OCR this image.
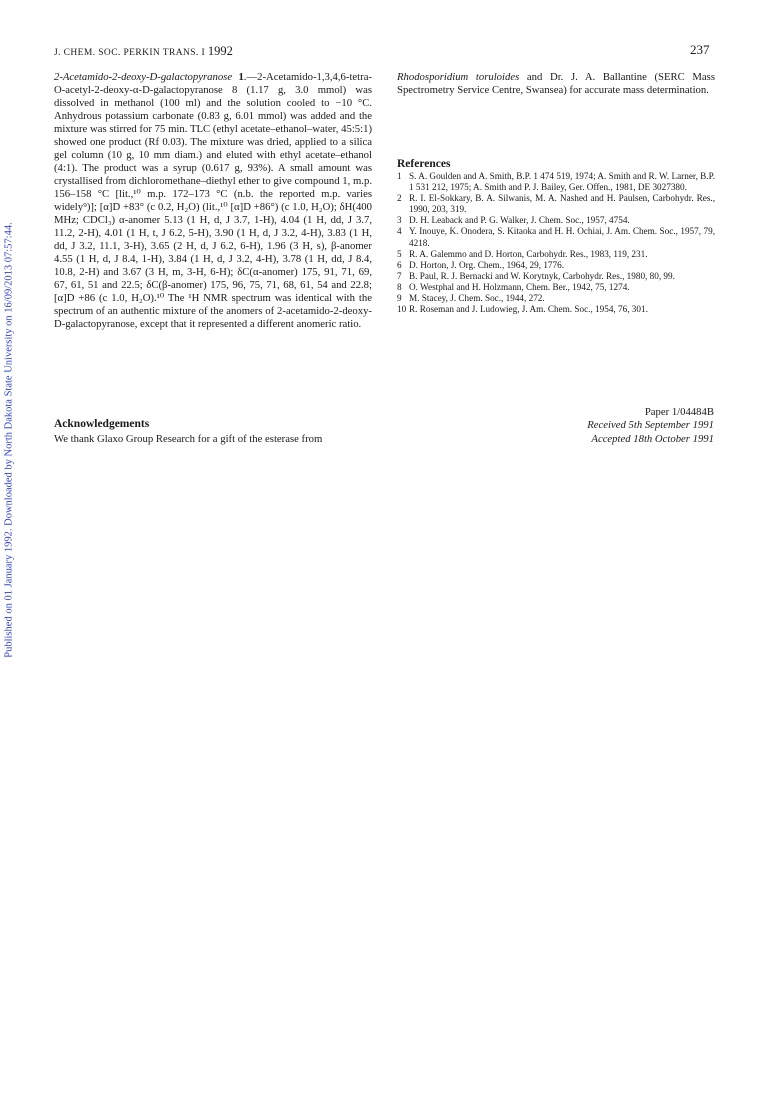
J. CHEM. SOC. PERKIN TRANS. I 1992	237
Published on 01 January 1992. Downloaded by North Dakota State University on 16/09/2013 07:57:44.

2-Acetamido-2-deoxy-D-galactopyranose 1.—2-Acetamido-1,3,4,6-tetra-O-acetyl-2-deoxy-α-D-galactopyranose 8 (1.17 g, 3.0 mmol) was dissolved in methanol (100 ml) and the solution cooled to −10 °C. Anhydrous potassium carbonate (0.83 g, 6.01 mmol) was added and the mixture was stirred for 75 min. TLC (ethyl acetate–ethanol–water, 45:5:1) showed one product (Rf 0.03). The mixture was dried, applied to a silica gel column (10 g, 10 mm diam.) and eluted with ethyl acetate–ethanol (4:1). The product was a syrup (0.617 g, 93%). A small amount was crystallised from dichloromethane–diethyl ether to give compound 1, m.p. 156–158 °C [lit.,¹⁰ m.p. 172–173 °C (n.b. the reported m.p. varies widely⁹)]; [α]D +83° (c 0.2, H₂O) (lit.,¹⁰ [α]D +86°) (c 1.0, H₂O); δH(400 MHz; CDCl₃) α-anomer 5.13 (1 H, d, J 3.7, 1-H), 4.04 (1 H, dd, J 3.7, 11.2, 2-H), 4.01 (1 H, t, J 6.2, 5-H), 3.90 (1 H, d, J 3.2, 4-H), 3.83 (1 H, dd, J 3.2, 11.1, 3-H), 3.65 (2 H, d, J 6.2, 6-H), 1.96 (3 H, s), β-anomer 4.55 (1 H, d, J 8.4, 1-H), 3.84 (1 H, d, J 3.2, 4-H), 3.78 (1 H, dd, J 8.4, 10.8, 2-H) and 3.67 (3 H, m, 3-H, 6-H); δC(α-anomer) 175, 91, 71, 69, 67, 61, 51 and 22.5; δC(β-anomer) 175, 96, 75, 71, 68, 61, 54 and 22.8; [α]D +86 (c 1.0, H₂O).¹⁰ The ¹H NMR spectrum was identical with the spectrum of an authentic mixture of the anomers of 2-acetamido-2-deoxy-D-galactopyranose, except that it represented a different anomeric ratio.

Acknowledgements
We thank Glaxo Group Research for a gift of the esterase from

Rhodosporidium toruloides and Dr. J. A. Ballantine (SERC Mass Spectrometry Service Centre, Swansea) for accurate mass determination.

References
1 S. A. Goulden and A. Smith, B.P. 1 474 519, 1974; A. Smith and R. W. Larner, B.P. 1 531 212, 1975; A. Smith and P. J. Bailey, Ger. Offen., 1981, DE 3027380.
2 R. I. El-Sokkary, B. A. Silwanis, M. A. Nashed and H. Paulsen, Carbohydr. Res., 1990, 203, 319.
3 D. H. Leaback and P. G. Walker, J. Chem. Soc., 1957, 4754.
4 Y. Inouye, K. Onodera, S. Kitaoka and H. H. Ochiai, J. Am. Chem. Soc., 1957, 79, 4218.
5 R. A. Galemmo and D. Horton, Carbohydr. Res., 1983, 119, 231.
6 D. Horton, J. Org. Chem., 1964, 29, 1776.
7 B. Paul, R. J. Bernacki and W. Korytnyk, Carbohydr. Res., 1980, 80, 99.
8 O. Westphal and H. Holzmann, Chem. Ber., 1942, 75, 1274.
9 M. Stacey, J. Chem. Soc., 1944, 272.
10 R. Roseman and J. Ludowieg, J. Am. Chem. Soc., 1954, 76, 301.
Paper 1/04484B
Received 5th September 1991
Accepted 18th October 1991
